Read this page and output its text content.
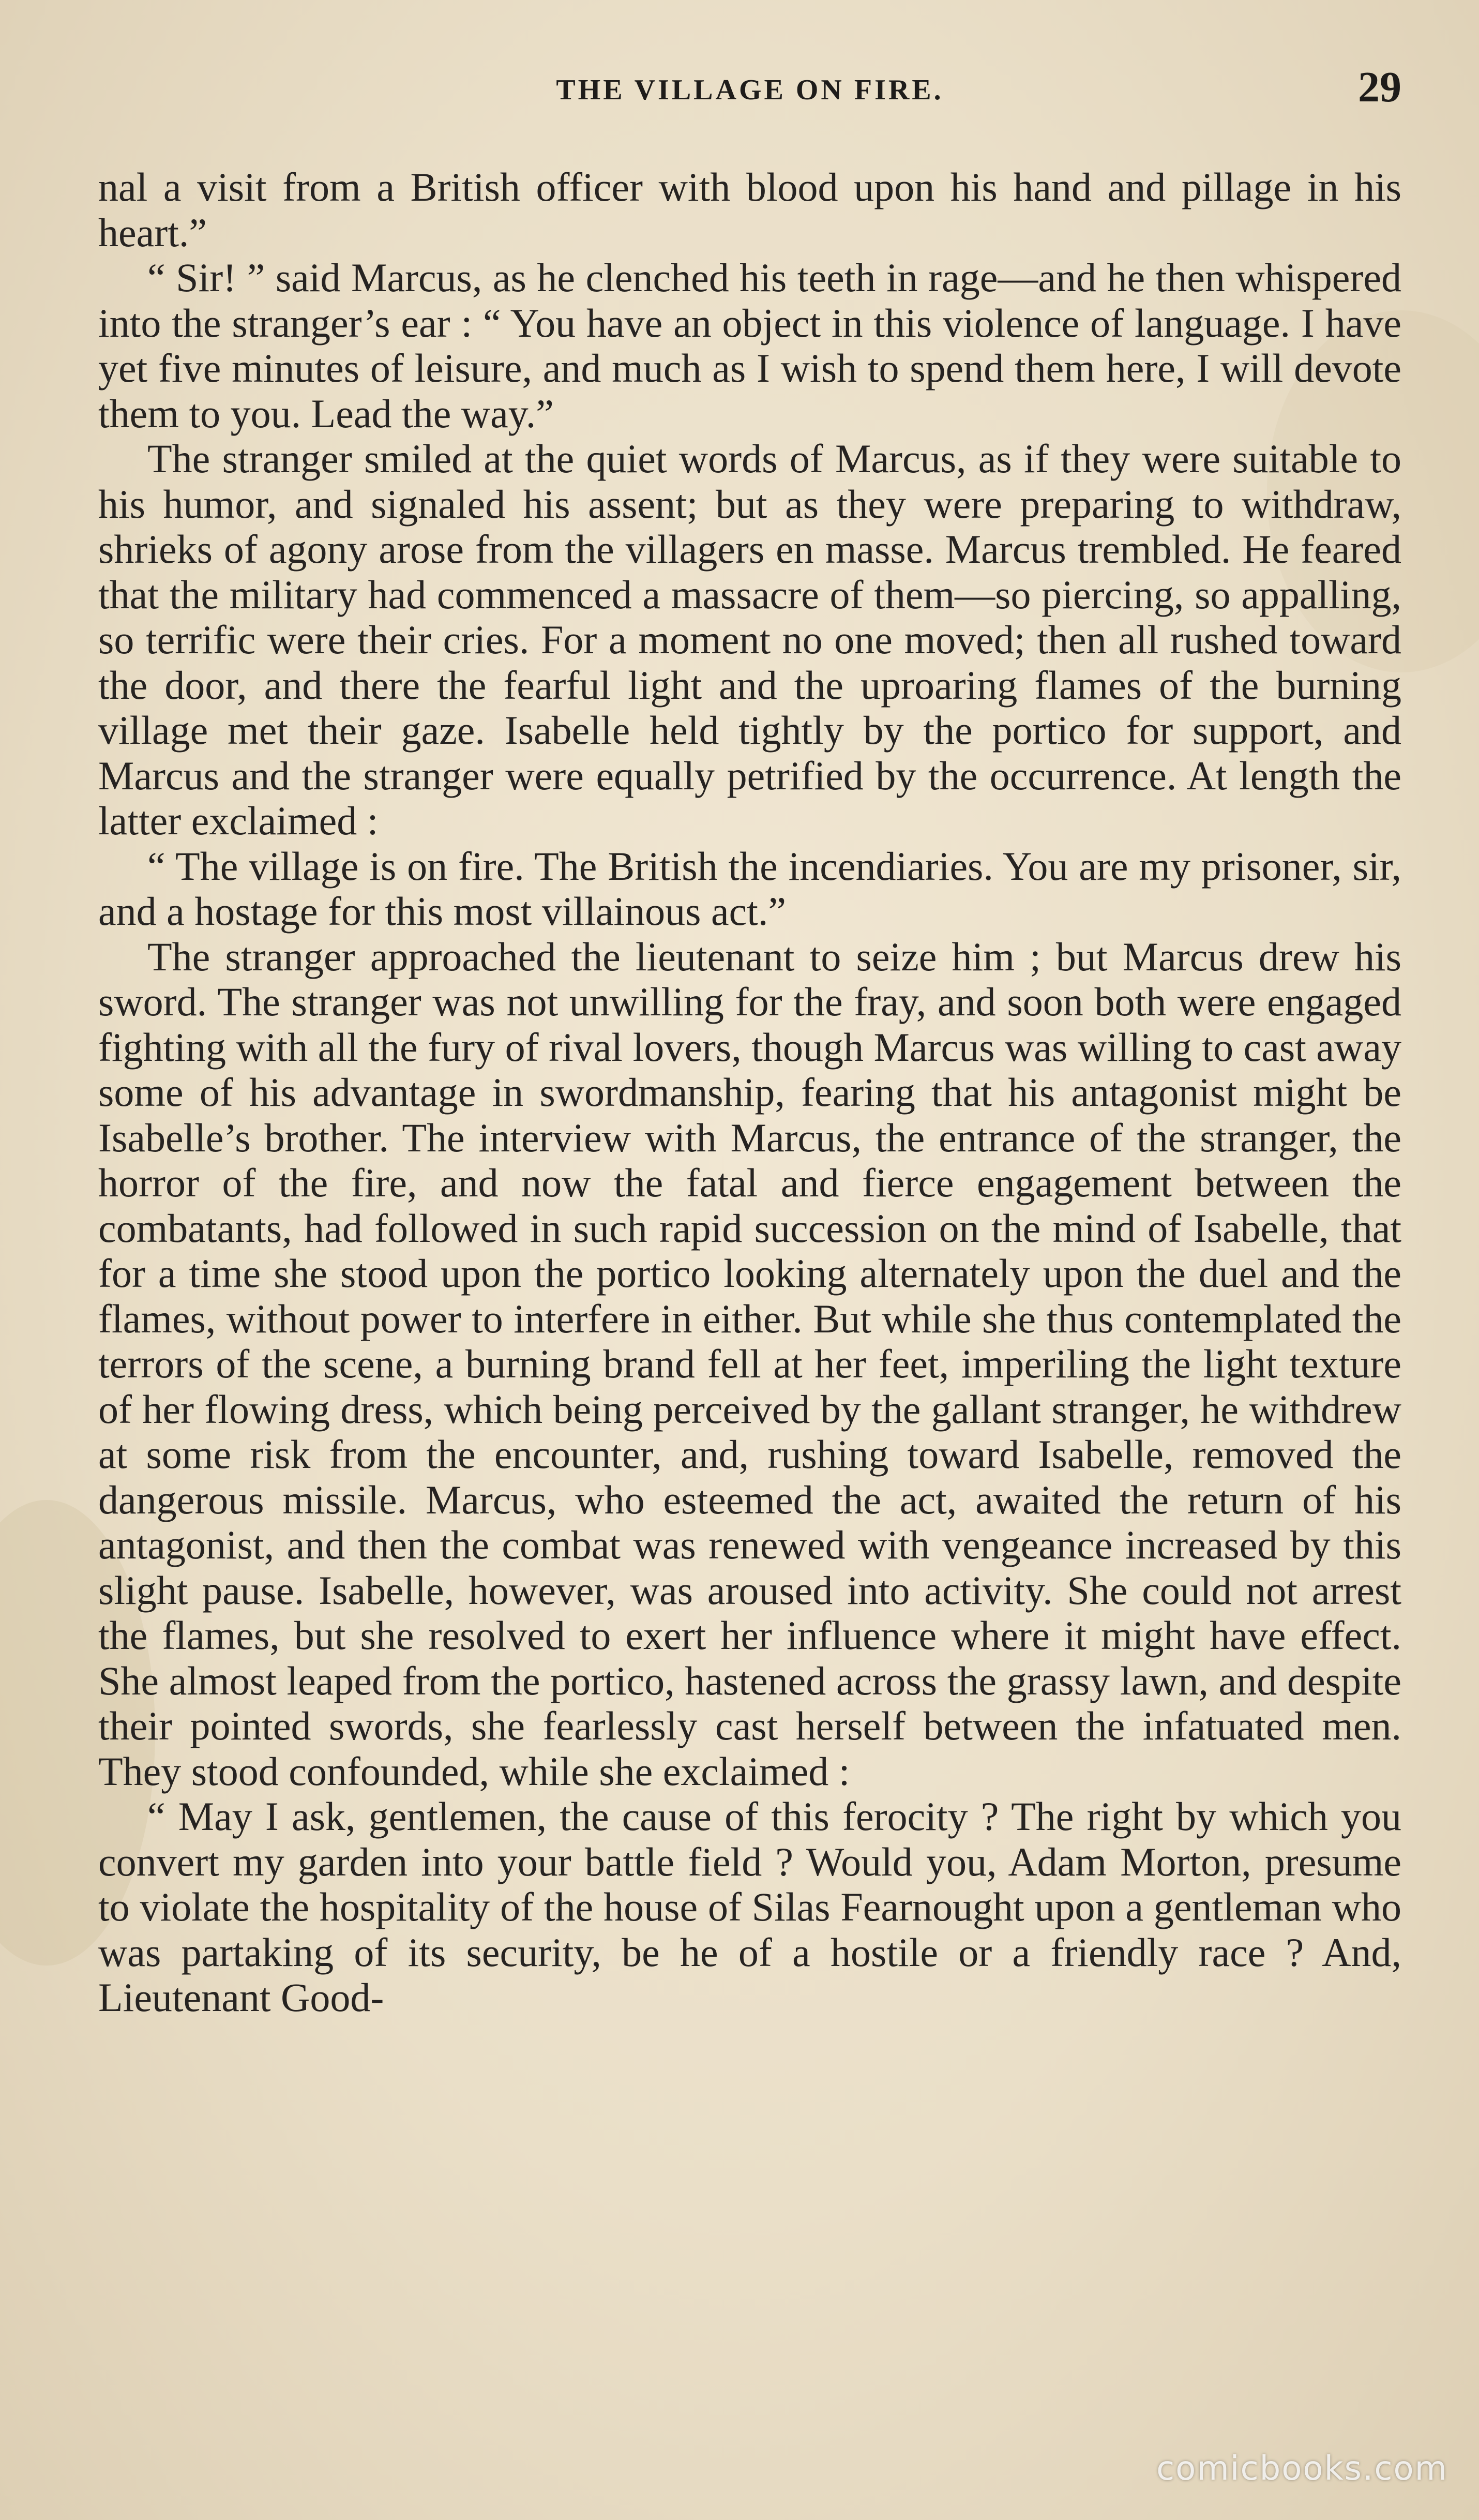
THE VILLAGE ON FIRE.	29

nal a visit from a British officer with blood upon his hand and pillage in his heart.”

“ Sir! ” said Marcus, as he clenched his teeth in rage—and he then whispered into the stranger’s ear : “ You have an object in this violence of language. I have yet five minutes of leisure, and much as I wish to spend them here, I will devote them to you. Lead the way.”

The stranger smiled at the quiet words of Marcus, as if they were suitable to his humor, and signaled his assent; but as they were preparing to withdraw, shrieks of agony arose from the villagers en masse. Marcus trembled. He feared that the military had commenced a massacre of them—so piercing, so appalling, so terrific were their cries. For a moment no one moved; then all rushed toward the door, and there the fearful light and the uproaring flames of the burning village met their gaze. Isabelle held tightly by the portico for support, and Marcus and the stranger were equally petrified by the occurrence. At length the latter exclaimed :

“ The village is on fire. The British the incendiaries. You are my prisoner, sir, and a hostage for this most villainous act.”

The stranger approached the lieutenant to seize him ; but Marcus drew his sword. The stranger was not unwilling for the fray, and soon both were engaged fighting with all the fury of rival lovers, though Marcus was willing to cast away some of his advantage in swordmanship, fearing that his antagonist might be Isabelle’s brother. The interview with Marcus, the entrance of the stranger, the horror of the fire, and now the fatal and fierce engagement between the combatants, had followed in such rapid succession on the mind of Isabelle, that for a time she stood upon the portico looking alternately upon the duel and the flames, without power to interfere in either. But while she thus contemplated the terrors of the scene, a burning brand fell at her feet, imperiling the light texture of her flowing dress, which being perceived by the gallant stranger, he withdrew at some risk from the encounter, and, rushing toward Isabelle, removed the dangerous missile. Marcus, who esteemed the act, awaited the return of his antagonist, and then the combat was renewed with vengeance increased by this slight pause. Isabelle, however, was aroused into activity. She could not arrest the flames, but she resolved to exert her influence where it might have effect. She almost leaped from the portico, hastened across the grassy lawn, and despite their pointed swords, she fearlessly cast herself between the infatuated men. They stood confounded, while she exclaimed :

“ May I ask, gentlemen, the cause of this ferocity ? The right by which you convert my garden into your battle field ? Would you, Adam Morton, presume to violate the hospitality of the house of Silas Fearnought upon a gentleman who was partaking of its security, be he of a hostile or a friendly race ? And, Lieutenant Good-

comicbooks.com
